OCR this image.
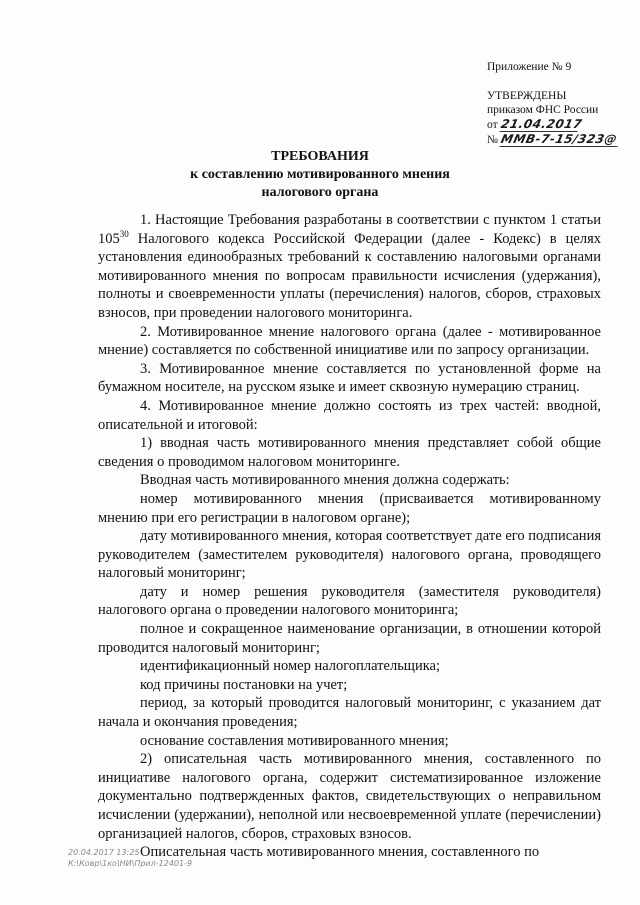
Приложение № 9
УТВЕРЖДЕНЫ
приказом ФНС России
от 21.04.2017
№ ММВ-7-15/323@
ТРЕБОВАНИЯ
к составлению мотивированного мнения
налогового органа

1. Настоящие Требования разработаны в соответствии с пунктом 1 статьи $105^{30}$ Налогового кодекса Российской Федерации (далее - Кодекс) в целях установления единообразных требований к составлению налоговыми органами мотивированного мнения по вопросам правильности исчисления (удержания), полноты и своевременности уплаты (перечисления) налогов, сборов, страховых взносов, при проведении налогового мониторинга.

2. Мотивированное мнение налогового органа (далее - мотивированное мнение) составляется по собственной инициативе или по запросу организации.

3. Мотивированное мнение составляется по установленной форме на бумажном носителе, на русском языке и имеет сквозную нумерацию страниц.

4. Мотивированное мнение должно состоять из трех частей: вводной, описательной и итоговой:

1) вводная часть мотивированного мнения представляет собой общие сведения о проводимом налоговом мониторинге.

Вводная часть мотивированного мнения должна содержать:

номер мотивированного мнения (присваивается мотивированному мнению при его регистрации в налоговом органе);

дату мотивированного мнения, которая соответствует дате его подписания руководителем (заместителем руководителя) налогового органа, проводящего налоговый мониторинг;

дату и номер решения руководителя (заместителя руководителя) налогового органа о проведении налогового мониторинга;

полное и сокращенное наименование организации, в отношении которой проводится налоговый мониторинг;

идентификационный номер налогоплательщика;

код причины постановки на учет;

период, за который проводится налоговый мониторинг, с указанием дат начала и окончания проведения;

основание составления мотивированного мнения;

2) описательная часть мотивированного мнения, составленного по инициативе налогового органа, содержит систематизированное изложение документально подтвержденных фактов, свидетельствующих о неправильном исчислении (удержании), неполной или несвоевременной уплате (перечислении) организацией налогов, сборов, страховых взносов.

Описательная часть мотивированного мнения, составленного по

20.04.2017 13:25
К:\Ковр\1ко\НИ\Прил-12401-9
